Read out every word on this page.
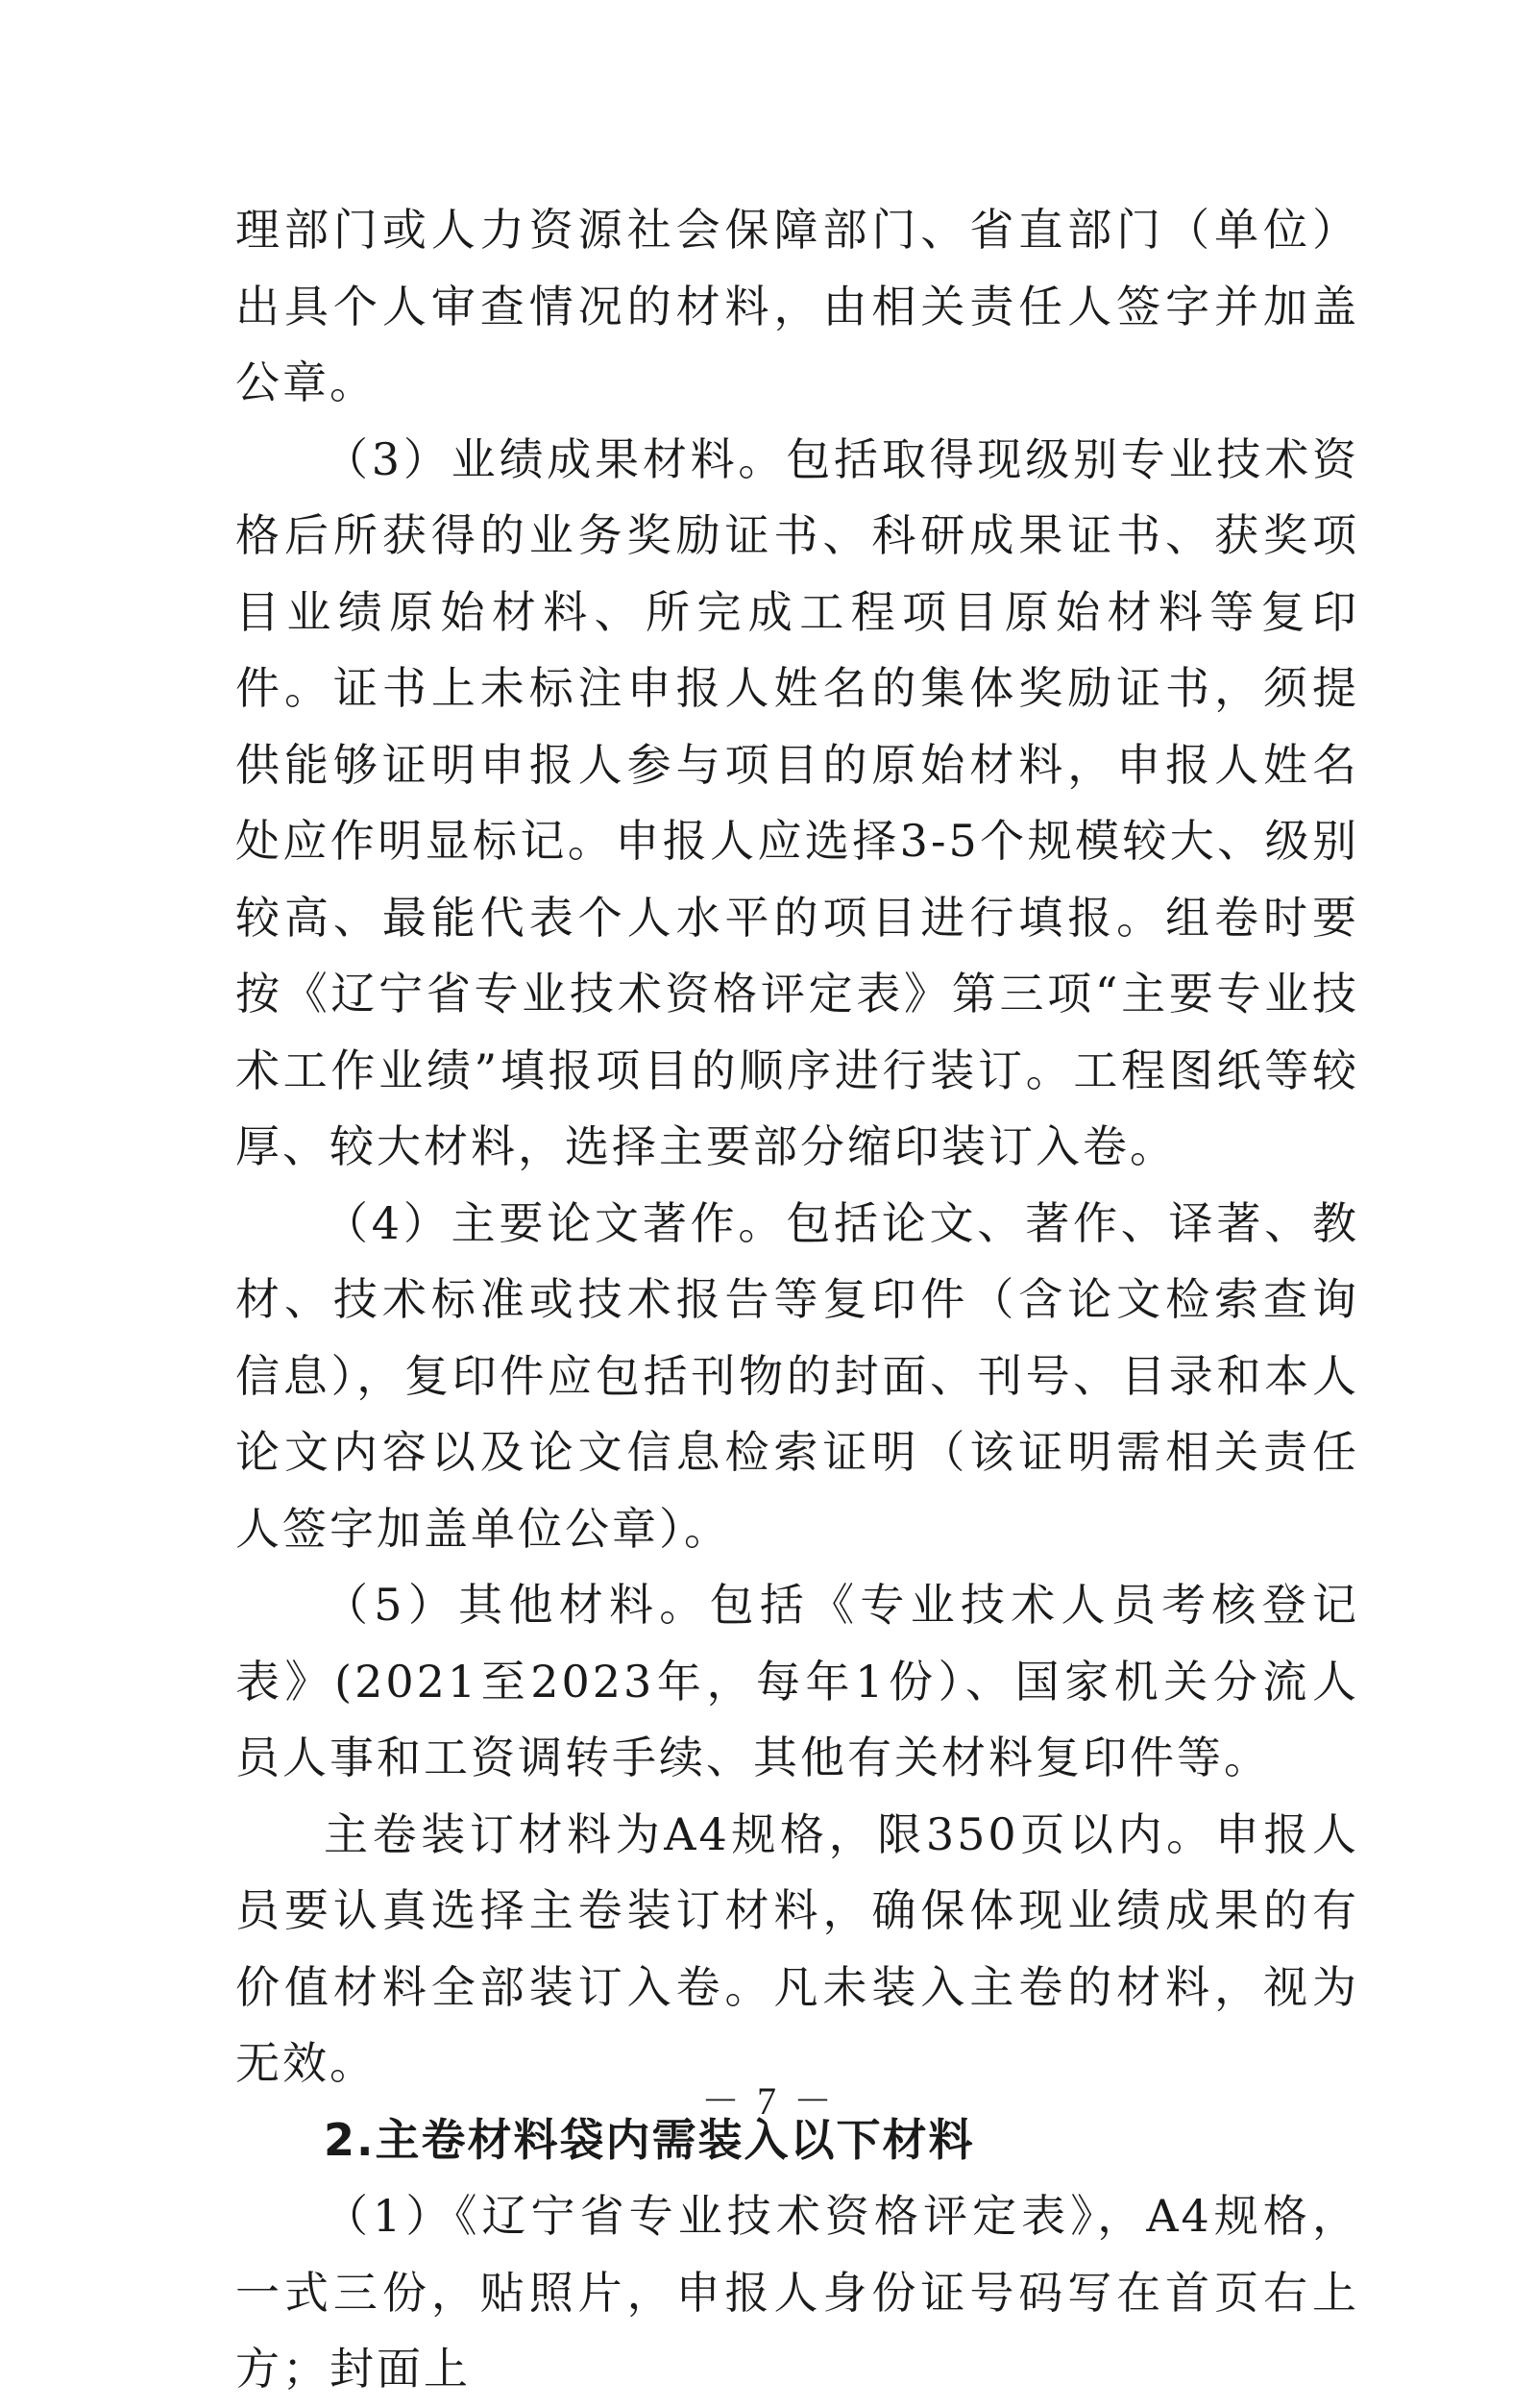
理部门或人力资源社会保障部门、省直部门（单位）出具个人审查情况的材料，由相关责任人签字并加盖公章。

（3）业绩成果材料。包括取得现级别专业技术资格后所获得的业务奖励证书、科研成果证书、获奖项目业绩原始材料、所完成工程项目原始材料等复印件。证书上未标注申报人姓名的集体奖励证书，须提供能够证明申报人参与项目的原始材料，申报人姓名处应作明显标记。申报人应选择3-5个规模较大、级别较高、最能代表个人水平的项目进行填报。组卷时要按《辽宁省专业技术资格评定表》第三项“主要专业技术工作业绩”填报项目的顺序进行装订。工程图纸等较厚、较大材料，选择主要部分缩印装订入卷。

（4）主要论文著作。包括论文、著作、译著、教材、技术标准或技术报告等复印件（含论文检索查询信息），复印件应包括刊物的封面、刊号、目录和本人论文内容以及论文信息检索证明（该证明需相关责任人签字加盖单位公章）。

（5）其他材料。包括《专业技术人员考核登记表》(2021至2023年，每年1份）、国家机关分流人员人事和工资调转手续、其他有关材料复印件等。

主卷装订材料为A4规格，限350页以内。申报人员要认真选择主卷装订材料，确保体现业绩成果的有价值材料全部装订入卷。凡未装入主卷的材料，视为无效。

2.主卷材料袋内需装入以下材料

（1）《辽宁省专业技术资格评定表》，A4规格，一式三份，贴照片，申报人身份证号码写在首页右上方；封面上

－ 7 －
